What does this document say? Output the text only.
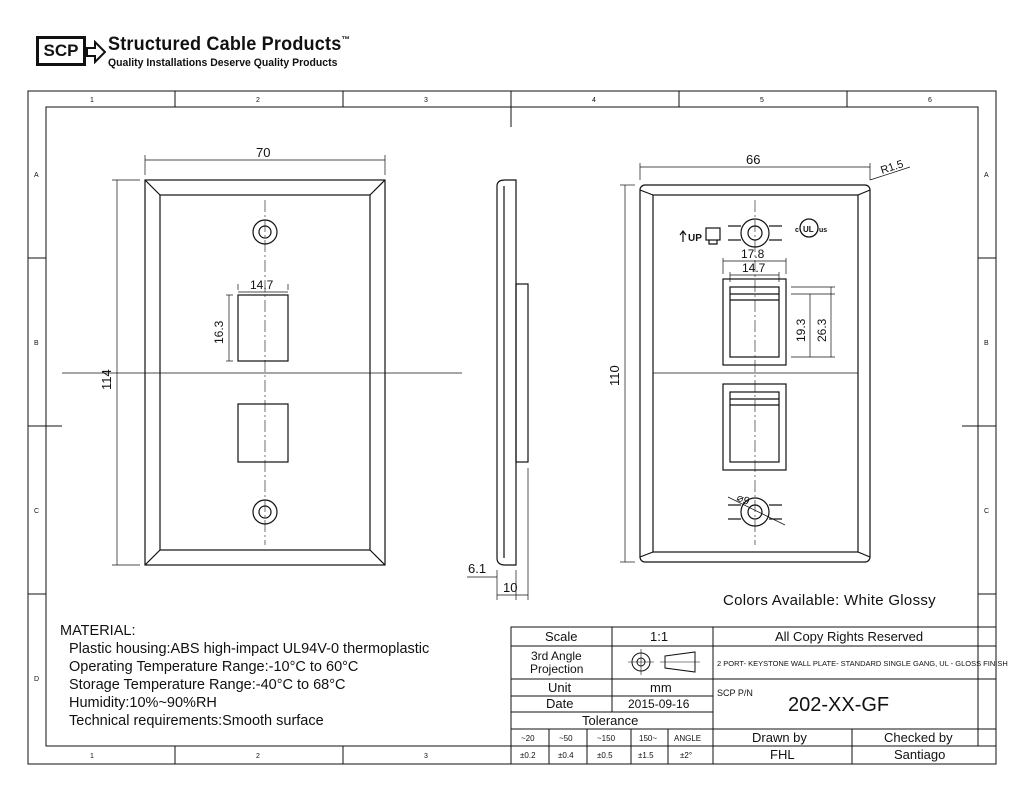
SCP Structured Cable Products™
Quality Installations Deserve Quality Products
1	2	3	4	5	6
1	2	3
A
B
C
D
A
B
C
70
114
14.7
16.3
6.1
10
66	R1.5
110
17.8
14.7
19.3 26.3
⌀9
UP
UL
c	us
Scale	1:1
3rd Angle
Projection
Unit	mm
Date	2015-09-16
Tolerance
All Copy Rights Reserved
2 PORT- KEYSTONE WALL PLATE- STANDARD SINGLE GANG, UL - GLOSS FINISH
SCP P/N
202-XX-GF
Drawn by
FHL
Checked by
Santiago
~20	~50	~150	150~ ANGLE
±0.2	±0.4	±0.5	±1.5	±2°
MATERIAL:
Plastic housing:ABS high-impact UL94V-0 thermoplastic
Operating Temperature Range:-10°C to 60°C
Storage Temperature Range:-40°C to 68°C
Humidity:10%~90%RH
Technical requirements:Smooth surface
Colors Available: White Glossy
